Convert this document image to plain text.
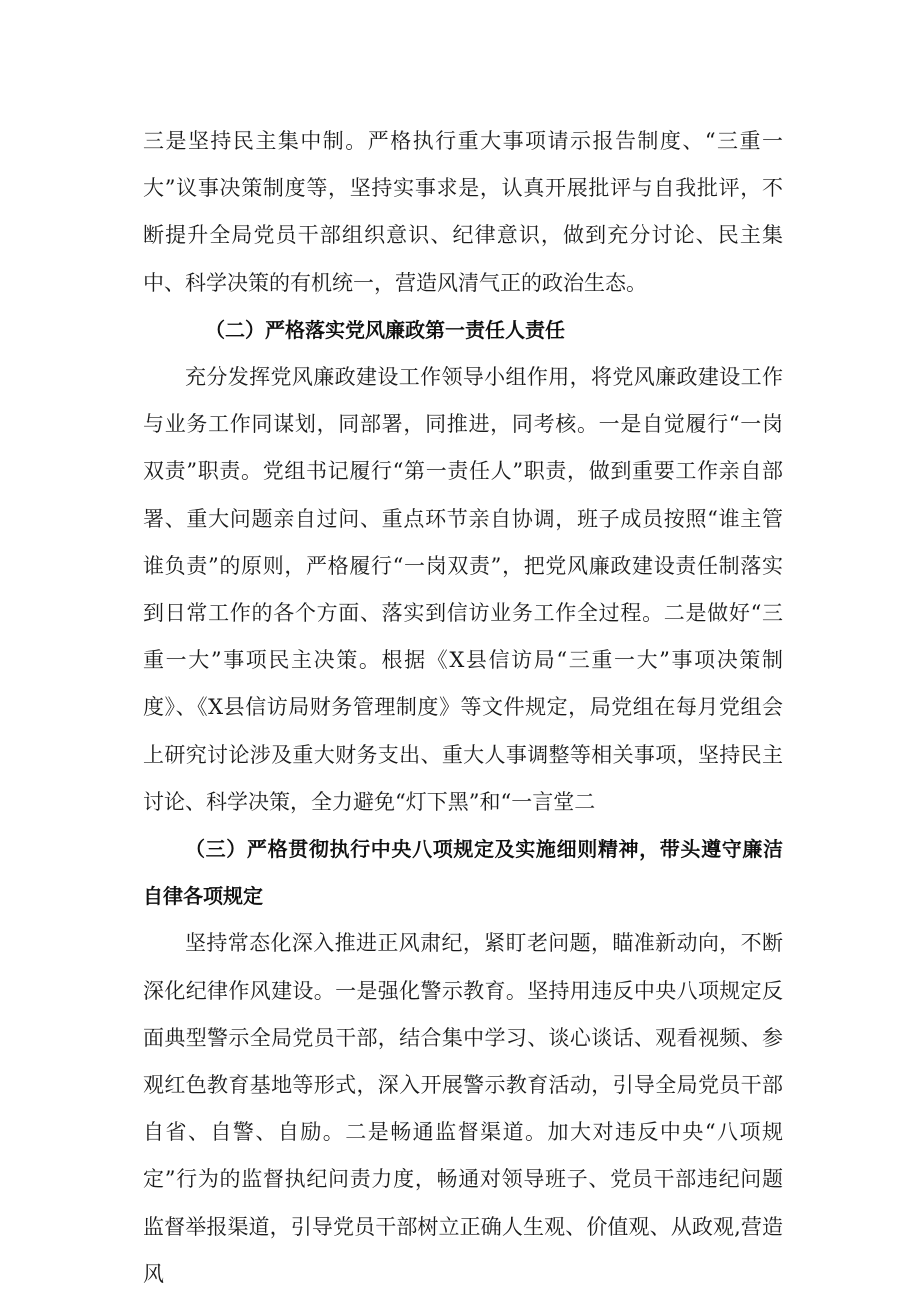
三是坚持民主集中制。严格执行重大事项请示报告制度、“三重一大”议事决策制度等，坚持实事求是，认真开展批评与自我批评，不断提升全局党员干部组织意识、纪律意识，做到充分讨论、民主集中、科学决策的有机统一，营造风清气正的政治生态。

（二）严格落实党风廉政第一责任人责任

充分发挥党风廉政建设工作领导小组作用，将党风廉政建设工作与业务工作同谋划，同部署，同推进，同考核。一是自觉履行“一岗双责”职责。党组书记履行“第一责任人”职责，做到重要工作亲自部署、重大问题亲自过问、重点环节亲自协调，班子成员按照“谁主管谁负责”的原则，严格履行“一岗双责”，把党风廉政建设责任制落实到日常工作的各个方面、落实到信访业务工作全过程。二是做好“三重一大”事项民主决策。根据《X县信访局“三重一大”事项决策制度》、《X县信访局财务管理制度》等文件规定，局党组在每月党组会上研究讨论涉及重大财务支出、重大人事调整等相关事项，坚持民主讨论、科学决策，全力避免“灯下黑”和“一言堂二

（三）严格贯彻执行中央八项规定及实施细则精神，带头遵守廉洁自律各项规定

坚持常态化深入推进正风肃纪，紧盯老问题，瞄准新动向，不断深化纪律作风建设。一是强化警示教育。坚持用违反中央八项规定反面典型警示全局党员干部，结合集中学习、谈心谈话、观看视频、参观红色教育基地等形式，深入开展警示教育活动，引导全局党员干部自省、自警、自励。二是畅通监督渠道。加大对违反中央“八项规定”行为的监督执纪问责力度，畅通对领导班子、党员干部违纪问题监督举报渠道，引导党员干部树立正确人生观、价值观、从政观,营造风
